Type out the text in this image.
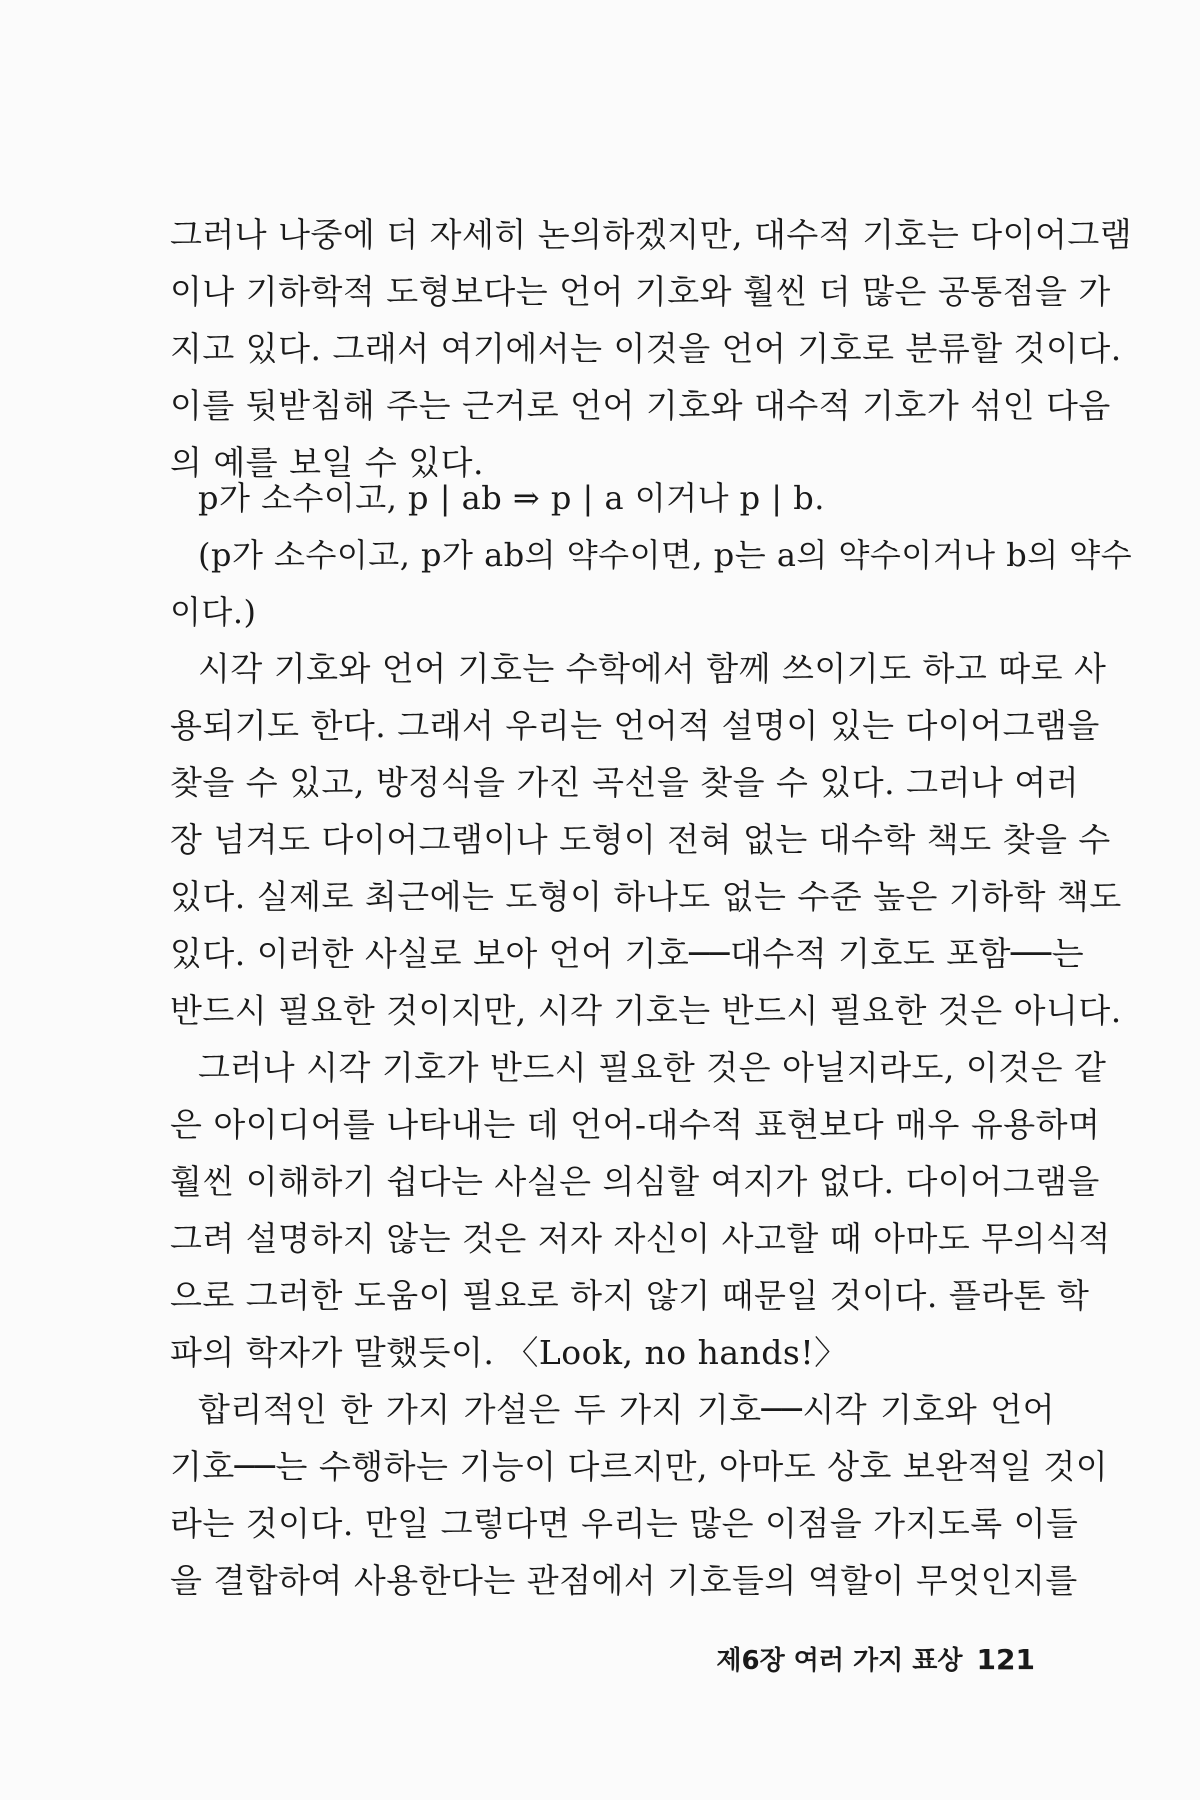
그러나 나중에 더 자세히 논의하겠지만, 대수적 기호는 다이어그램
이나 기하학적 도형보다는 언어 기호와 훨씬 더 많은 공통점을 가
지고 있다. 그래서 여기에서는 이것을 언어 기호로 분류할 것이다.
이를 뒷받침해 주는 근거로 언어 기호와 대수적 기호가 섞인 다음
의 예를 보일 수 있다.
p가 소수이고, p | ab ⇒ p | a 이거나 p | b.
(p가 소수이고, p가 ab의 약수이면, p는 a의 약수이거나 b의 약수
이다.)
시각 기호와 언어 기호는 수학에서 함께 쓰이기도 하고 따로 사
용되기도 한다. 그래서 우리는 언어적 설명이 있는 다이어그램을
찾을 수 있고, 방정식을 가진 곡선을 찾을 수 있다. 그러나 여러
장 넘겨도 다이어그램이나 도형이 전혀 없는 대수학 책도 찾을 수
있다. 실제로 최근에는 도형이 하나도 없는 수준 높은 기하학 책도
있다. 이러한 사실로 보아 언어 기호──대수적 기호도 포함──는
반드시 필요한 것이지만, 시각 기호는 반드시 필요한 것은 아니다.
그러나 시각 기호가 반드시 필요한 것은 아닐지라도, 이것은 같
은 아이디어를 나타내는 데 언어-대수적 표현보다 매우 유용하며
훨씬 이해하기 쉽다는 사실은 의심할 여지가 없다. 다이어그램을
그려 설명하지 않는 것은 저자 자신이 사고할 때 아마도 무의식적
으로 그러한 도움이 필요로 하지 않기 때문일 것이다. 플라톤 학
파의 학자가 말했듯이. 〈Look, no hands!〉
합리적인 한 가지 가설은 두 가지 기호──시각 기호와 언어
기호──는 수행하는 기능이 다르지만, 아마도 상호 보완적일 것이
라는 것이다. 만일 그렇다면 우리는 많은 이점을 가지도록 이들
을 결합하여 사용한다는 관점에서 기호들의 역할이 무엇인지를
제6장 여러 가지 표상 121
